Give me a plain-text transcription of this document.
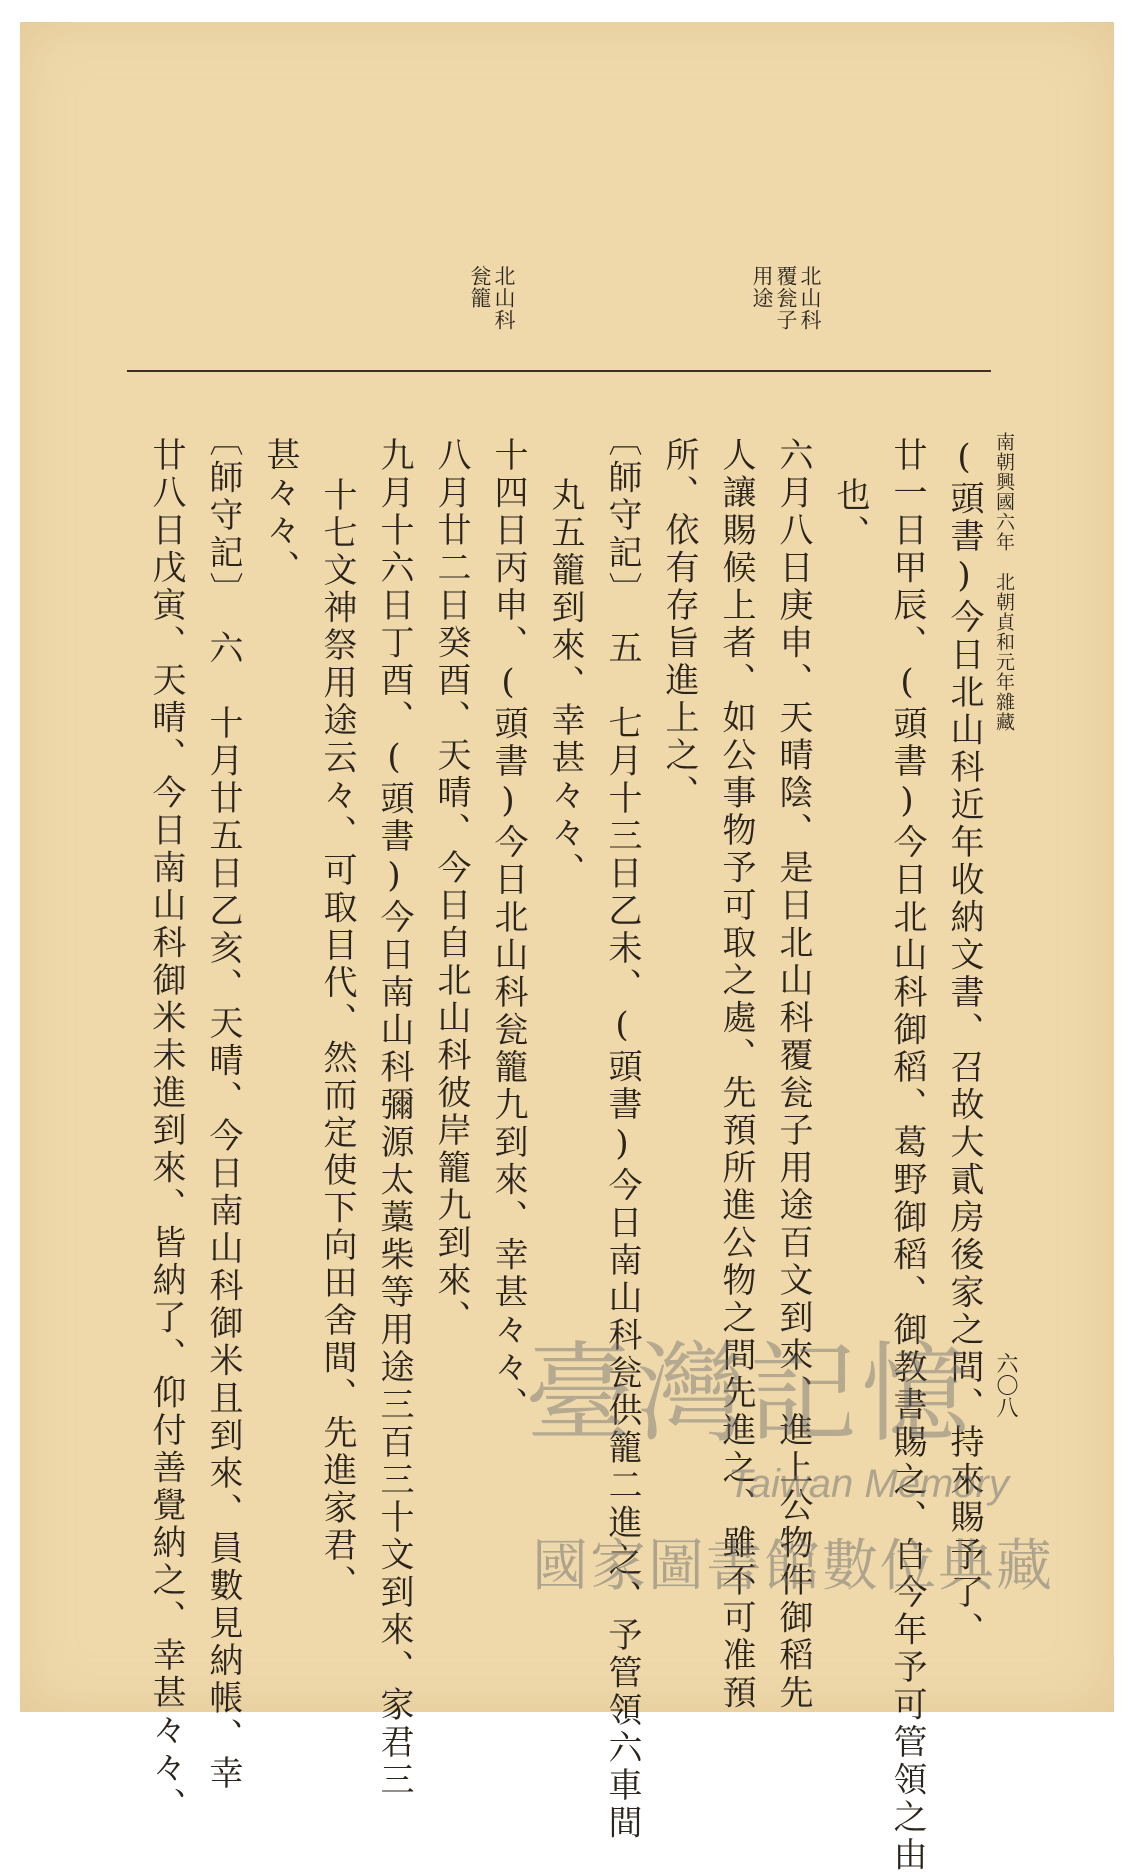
南朝興國六年　北朝貞和元年雜藏
六〇八
北山科覆瓮子用途
北山科瓮籠
(頭書)今日北山科近年收納文書、召故大貳房後家之間、持來賜予了、
廿一日甲辰、(頭書)今日北山科御稻、葛野御稻、御教書賜之、自今年予可管領之由
也、
六月八日庚申、天晴陰、是日北山科覆瓮子用途百文到來、進上公物件御稻先
人讓賜候上者、如公事物予可取之處、先預所進公物之間先進之、雖不可准預
所、依有存旨進上之、
〔師守記〕　五　七月十三日乙未、(頭書)今日南山科瓮供籠二進之、予管領六車間
丸五籠到來、幸甚々々、
十四日丙申、(頭書)今日北山科瓮籠九到來、幸甚々々、
八月廿二日癸酉、天晴、今日自北山科彼岸籠九到來、
九月十六日丁酉、(頭書)今日南山科彌源太藁柴等用途三百三十文到來、家君三
十七文神祭用途云々、可取目代、然而定使下向田舍間、先進家君、
甚々々、
〔師守記〕　六　十月廿五日乙亥、天晴、今日南山科御米且到來、員數見納帳、幸
廿八日戊寅、天晴、今日南山科御米未進到來、皆納了、仰付善覺納之、幸甚々々、	臺灣記憶
Taiwan Memory
國家圖書館數位典藏
